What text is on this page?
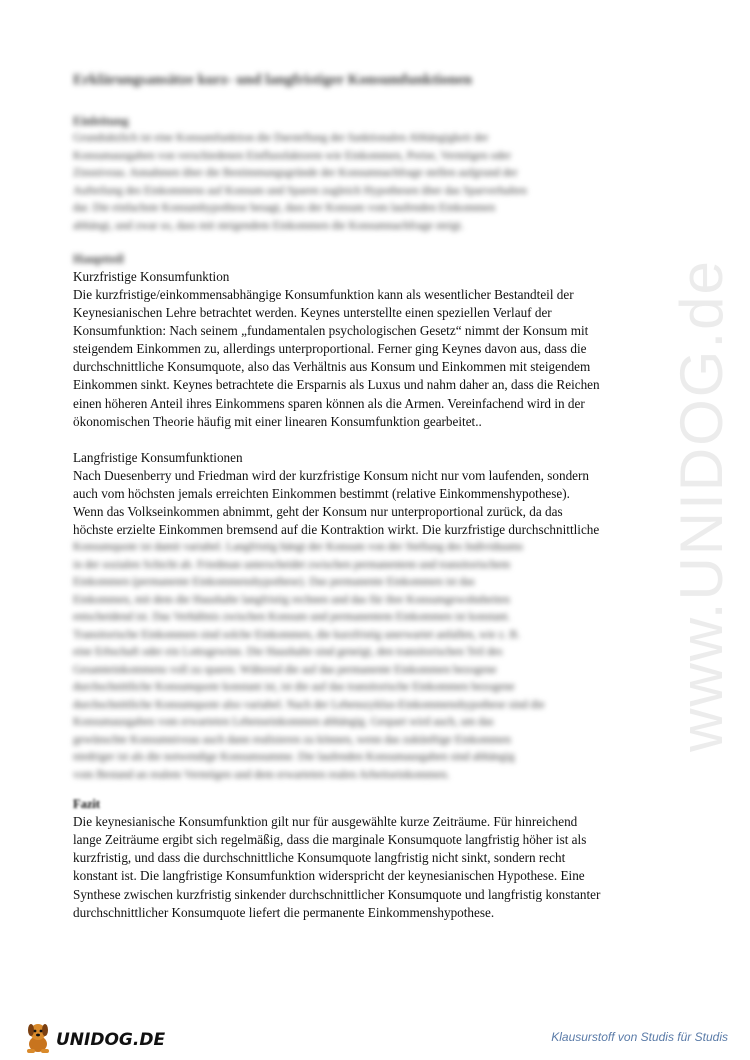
www.UNIDOG.de
Erklärungsansätze kurz- und langfristiger Konsumfunktionen
Einleitung
Grundsätzlich ist eine Konsumfunktion die Darstellung der funktionalen Abhängigkeit der
Konsumausgaben von verschiedenen Einflussfaktoren wie Einkommen, Preise, Vermögen oder
Zinsniveau. Annahmen über die Bestimmungsgründe der Konsumnachfrage stellen aufgrund der
Aufteilung des Einkommens auf Konsum und Sparen zugleich Hypothesen über das Sparverhalten
dar. Die einfachste Konsumhypothese besagt, dass der Konsum vom laufenden Einkommen
abhängt, und zwar so, dass mit steigendem Einkommen die Konsumnachfrage steigt.
Hauptteil
Kurzfristige Konsumfunktion

Die kurzfristige/einkommensabhängige Konsumfunktion kann als wesentlicher Bestandteil der

Keynesianischen Lehre betrachtet werden. Keynes unterstellte einen speziellen Verlauf der

Konsumfunktion: Nach seinem „fundamentalen psychologischen Gesetz“ nimmt der Konsum mit

steigendem Einkommen zu, allerdings unterproportional. Ferner ging Keynes davon aus, dass die

durchschnittliche Konsumquote, also das Verhältnis aus Konsum und Einkommen mit steigendem

Einkommen sinkt. Keynes betrachtete die Ersparnis als Luxus und nahm daher an, dass die Reichen

einen höheren Anteil ihres Einkommens sparen können als die Armen. Vereinfachend wird in der

ökonomischen Theorie häufig mit einer linearen Konsumfunktion gearbeitet..

Langfristige Konsumfunktionen

Nach Duesenberry und Friedman wird der kurzfristige Konsum nicht nur vom laufenden, sondern

auch vom höchsten jemals erreichten Einkommen bestimmt (relative Einkommenshypothese).

Wenn das Volkseinkommen abnimmt, geht der Konsum nur unterproportional zurück, da das

höchste erzielte Einkommen bremsend auf die Kontraktion wirkt. Die kurzfristige durchschnittliche

Konsumquote ist damit variabel. Langfristig hängt der Konsum von der Stellung des Individuums
in der sozialen Schicht ab. Friedman unterscheidet zwischen permanentem und transitorischem
Einkommen (permanente Einkommenshypothese). Das permanente Einkommen ist das
Einkommen, mit dem die Haushalte langfristig rechnen und das für ihre Konsumgewohnheiten
entscheidend ist. Das Verhältnis zwischen Konsum und permanentem Einkommen ist konstant.
Transitorische Einkommen sind solche Einkommen, die kurzfristig unerwartet anfallen, wie z. B.
eine Erbschaft oder ein Lottogewinn. Die Haushalte sind geneigt, den transitorischen Teil des
Gesamteinkommens voll zu sparen. Während die auf das permanente Einkommen bezogene
durchschnittliche Konsumquote konstant ist, ist die auf das transitorische Einkommen bezogene
durchschnittliche Konsumquote also variabel. Nach der Lebenszyklus-Einkommenshypothese sind die
Konsumausgaben vom erwarteten Lebenseinkommen abhängig. Gespart wird auch, um das
gewünschte Konsumniveau auch dann realisieren zu können, wenn das zukünftige Einkommen
niedriger ist als die notwendige Konsumsumme. Die laufenden Konsumausgaben sind abhängig
vom Bestand an realem Vermögen und dem erwarteten realen Arbeitseinkommen.
Fazit

Die keynesianische Konsumfunktion gilt nur für ausgewählte kurze Zeiträume. Für hinreichend

lange Zeiträume ergibt sich regelmäßig, dass die marginale Konsumquote langfristig höher ist als

kurzfristig, und dass die durchschnittliche Konsumquote langfristig nicht sinkt, sondern recht

konstant ist. Die langfristige Konsumfunktion widerspricht der keynesianischen Hypothese. Eine

Synthese zwischen kurzfristig sinkender durchschnittlicher Konsumquote und langfristig konstanter

durchschnittlicher Konsumquote liefert die permanente Einkommenshypothese.

UNIDOG.DE	Klausurstoff von Studis für Studis
